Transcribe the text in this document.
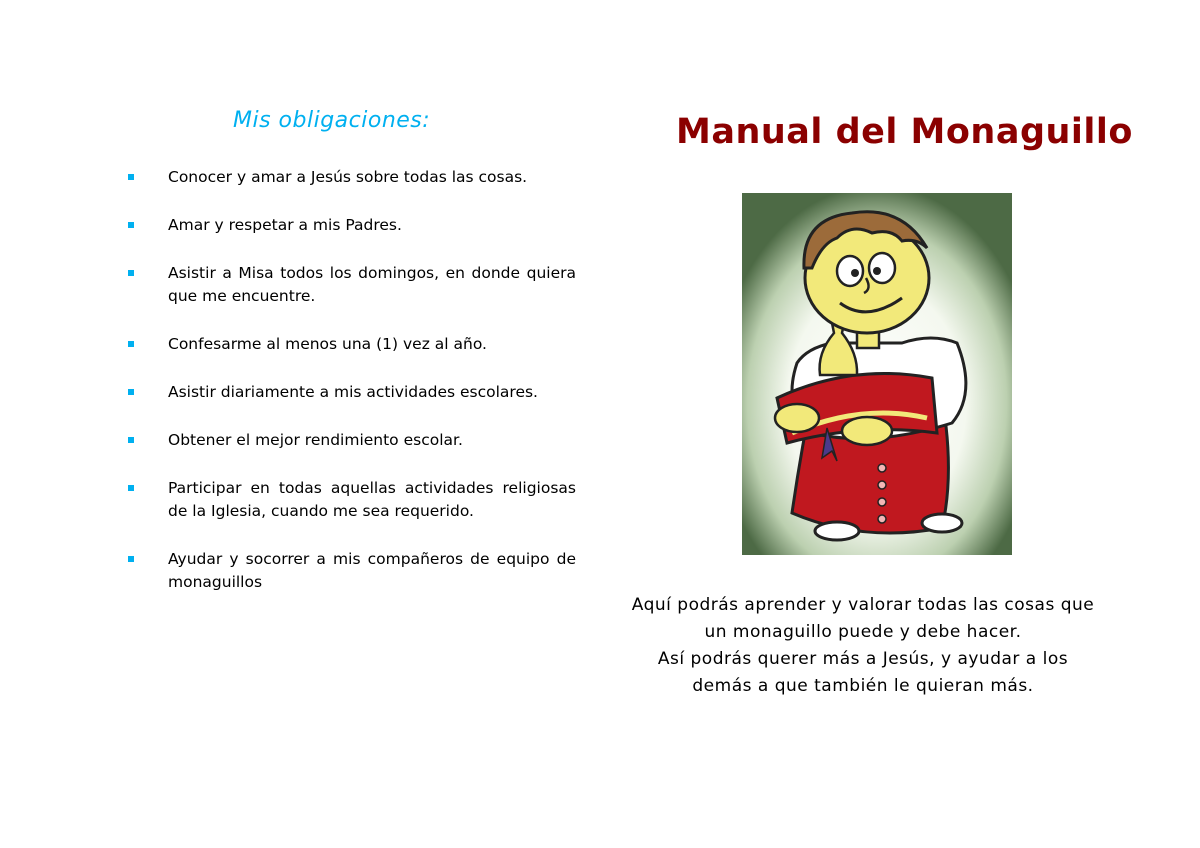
Mis obligaciones:
Conocer y amar a Jesús sobre todas las cosas.
Amar y respetar a mis Padres.
Asistir a Misa todos los domingos, en donde quiera que me encuentre.
Confesarme al menos una (1) vez al año.
Asistir diariamente a mis actividades escolares.
Obtener el mejor rendimiento escolar.
Participar en todas aquellas actividades religiosas de la Iglesia, cuando me sea requerido.
Ayudar y socorrer a mis compañeros de equipo de monaguillos
Manual del Monaguillo

Aquí podrás aprender y valorar todas las cosas que
un monaguillo puede y debe hacer.
Así podrás querer más a Jesús, y ayudar a los
demás a que también le quieran más.
